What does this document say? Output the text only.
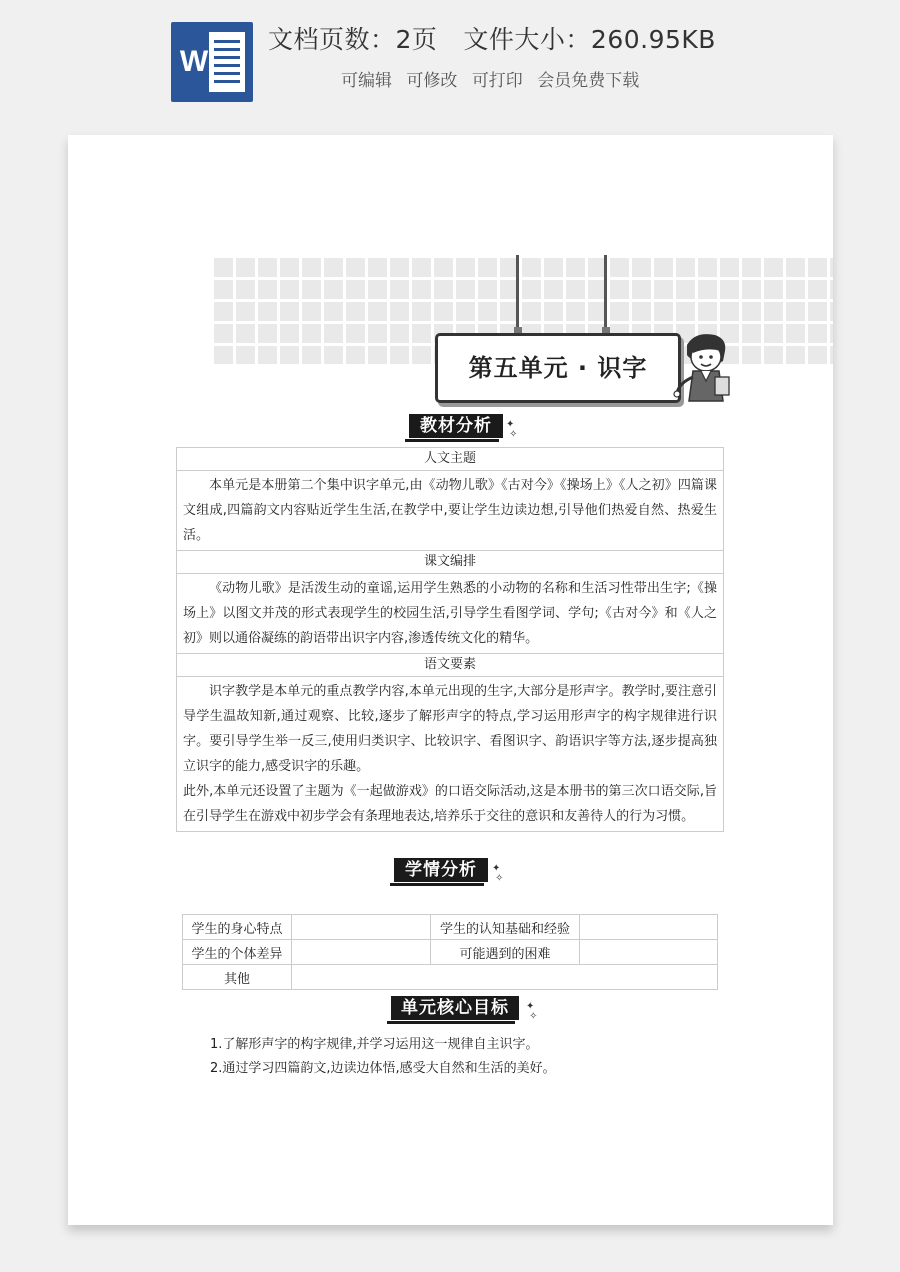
W
文档页数：2页 文件大小：260.95KB
可编辑 可修改 可打印 会员免费下载
第五单元 · 识字
教材分析	✦
✧
人文主题
本单元是本册第二个集中识字单元,由《动物儿歌》《古对今》《操场上》《人之初》四篇课文组成,四篇韵文内容贴近学生生活,在教学中,要让学生边读边想,引导他们热爱自然、热爱生活。
课文编排
《动物儿歌》是活泼生动的童谣,运用学生熟悉的小动物的名称和生活习性带出生字;《操场上》以图文并茂的形式表现学生的校园生活,引导学生看图学词、学句;《古对今》和《人之初》则以通俗凝练的韵语带出识字内容,渗透传统文化的精华。
语文要素

识字教学是本单元的重点教学内容,本单元出现的生字,大部分是形声字。教学时,要注意引导学生温故知新,通过观察、比较,逐步了解形声字的特点,学习运用形声字的构字规律进行识字。要引导学生举一反三,使用归类识字、比较识字、看图识字、韵语识字等方法,逐步提高独立识字的能力,感受识字的乐趣。
此外,本单元还设置了主题为《一起做游戏》的口语交际活动,这是本册书的第三次口语交际,旨在引导学生在游戏中初步学会有条理地表达,培养乐于交往的意识和友善待人的行为习惯。
学情分析	✦
✧
学生的身心特点		学生的认知基础和经验	
学生的个体差异		可能遇到的困难	
其他			
单元核心目标	✦
✧
1.了解形声字的构字规律,并学习运用这一规律自主识字。
2.通过学习四篇韵文,边读边体悟,感受大自然和生活的美好。
